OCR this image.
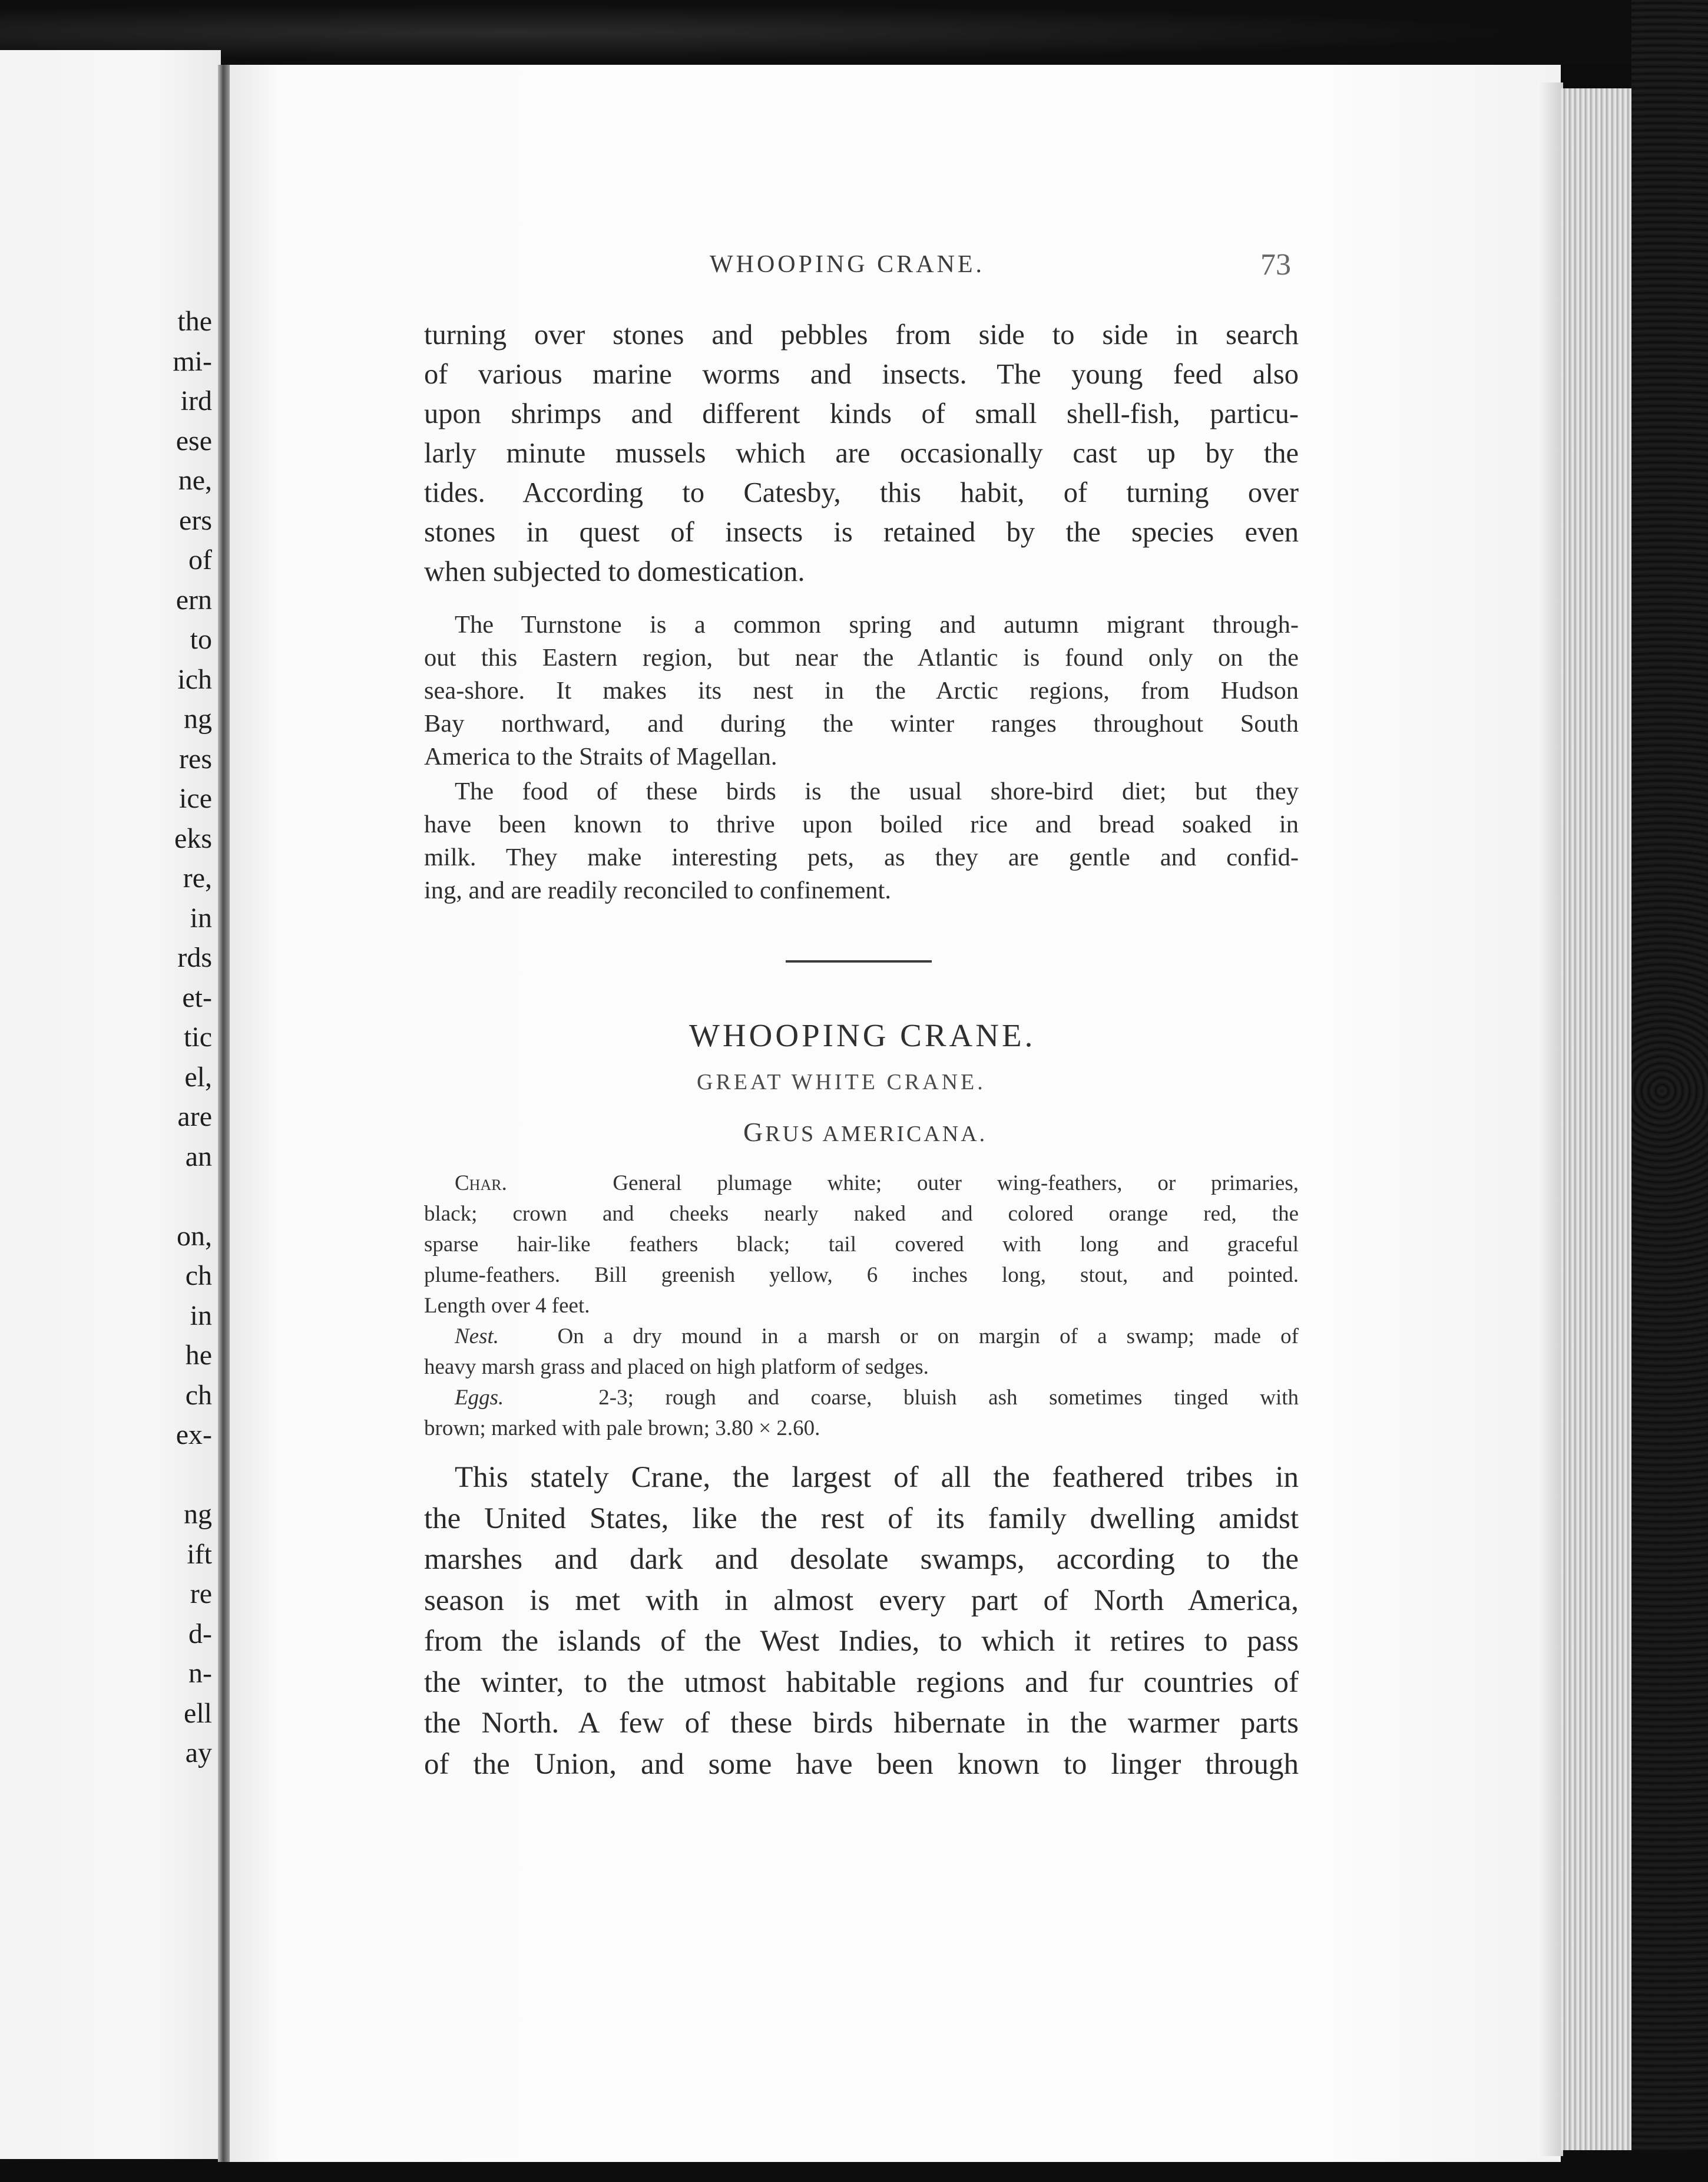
the
mi-
ird
ese
ne,
ers
of
ern
to
ich
ng
res
ice
eks
re,
in
rds
et-
tic
el,
are
an
on,
ch
in
he
ch
ex-
ng
ift
re
d-
n-
ell
ay
WHOOPING CRANE.	73
turning over stones and pebbles from side to side in search
of various marine worms and insects. The young feed also
upon shrimps and different kinds of small shell-fish, particu-
larly minute mussels which are occasionally cast up by the
tides. According to Catesby, this habit, of turning over
stones in quest of insects is retained by the species even
when subjected to domestication.
The Turnstone is a common spring and autumn migrant through-
out this Eastern region, but near the Atlantic is found only on the
sea-shore. It makes its nest in the Arctic regions, from Hudson
Bay northward, and during the winter ranges throughout South
America to the Straits of Magellan.
The food of these birds is the usual shore-bird diet; but they
have been known to thrive upon boiled rice and bread soaked in
milk. They make interesting pets, as they are gentle and confid-
ing, and are readily reconciled to confinement.
WHOOPING CRANE.
GREAT WHITE CRANE.
GRUS AMERICANA.
Char.	General plumage white; outer wing-feathers, or primaries,
black; crown and cheeks nearly naked and colored orange red, the
sparse hair-like feathers black; tail covered with long and graceful
plume-feathers. Bill greenish yellow, 6 inches long, stout, and pointed.
Length over 4 feet.
Nest.	On a dry mound in a marsh or on margin of a swamp; made of
heavy marsh grass and placed on high platform of sedges.
Eggs.	2-3; rough and coarse, bluish ash sometimes tinged with
brown; marked with pale brown; 3.80 × 2.60.
This stately Crane, the largest of all the feathered tribes in
the United States, like the rest of its family dwelling amidst
marshes and dark and desolate swamps, according to the
season is met with in almost every part of North America,
from the islands of the West Indies, to which it retires to pass
the winter, to the utmost habitable regions and fur countries of
the North. A few of these birds hibernate in the warmer parts
of the Union, and some have been known to linger through
